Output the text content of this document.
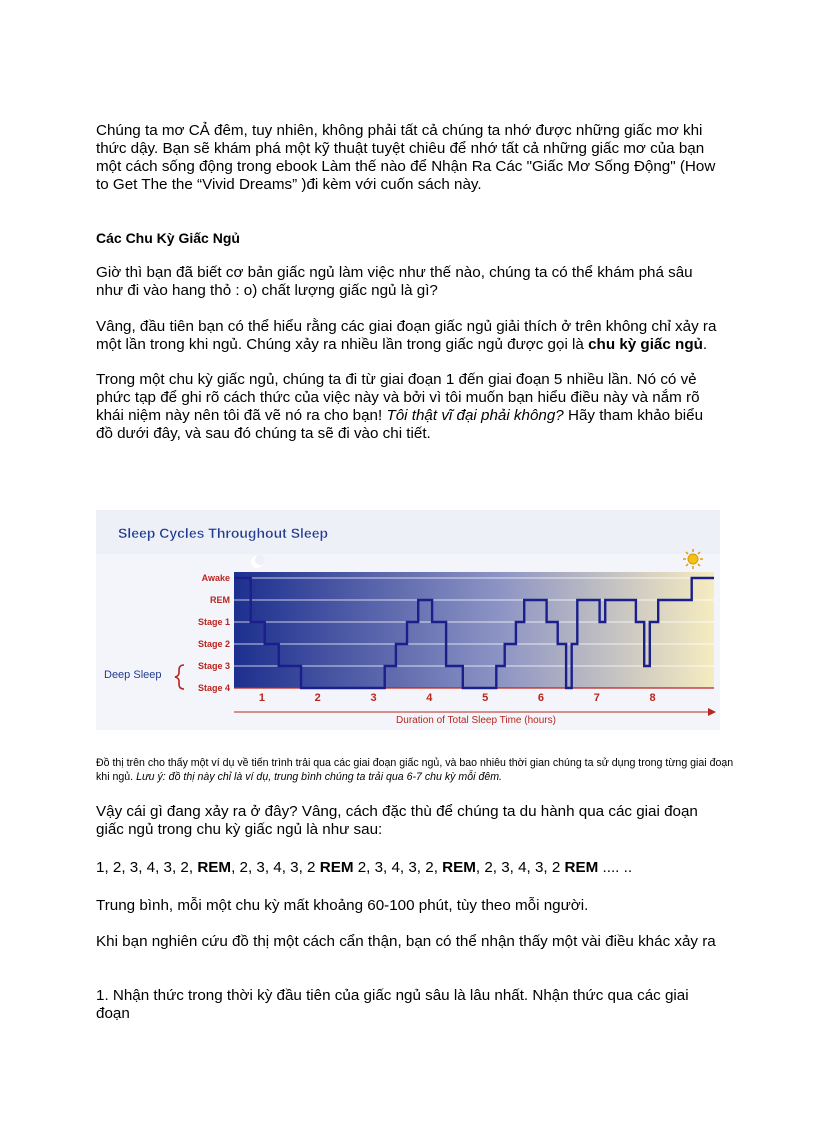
Chúng ta mơ CẢ đêm, tuy nhiên, không phải tất cả chúng ta nhớ được những giấc mơ khi thức dậy. Bạn sẽ khám phá một kỹ thuật tuyệt chiêu để nhớ tất cả những giấc mơ của bạn một cách sống động trong ebook Làm thế nào để Nhận Ra Các "Giấc Mơ Sống Động" (How to Get The the “Vivid Dreams” )đi kèm với cuốn sách này.

Các Chu Kỳ Giấc Ngủ

Giờ thì bạn đã biết cơ bản giấc ngủ làm việc như thế nào, chúng ta có thể khám phá sâu như đi vào hang thỏ : o) chất lượng giấc ngủ là gì?

Vâng, đầu tiên bạn có thể hiểu rằng các giai đoạn giấc ngủ giải thích ở trên không chỉ xảy ra một lần trong khi ngủ. Chúng xảy ra nhiều lần trong giấc ngủ được gọi là chu kỳ giấc ngủ.

Trong một chu kỳ giấc ngủ, chúng ta đi từ giai đoạn 1 đến giai đoạn 5 nhiều lần. Nó có vẻ phức tạp để ghi rõ cách thức của việc này và bởi vì tôi muốn bạn hiểu điều này và nắm rõ khái niệm này nên tôi đã vẽ nó ra cho bạn! Tôi thật vĩ đại phải không? Hãy tham khảo biểu đồ dưới đây, và sau đó chúng ta sẽ đi vào chi tiết.

Sleep Cycles Throughout Sleep
Awake
REM
Stage 1
Stage 2
Stage 3
Stage 4
Deep Sleep
1	2	3	4	5	6	7	8
Duration of Total Sleep Time (hours)

Đồ thị trên cho thấy một ví dụ về tiến trình trải qua các giai đoạn giấc ngủ, và bao nhiêu thời gian chúng ta sử dụng trong từng giai đoạn khi ngủ. Lưu ý: đồ thị này chỉ là ví dụ, trung bình chúng ta trải qua 6-7 chu kỳ mỗi đêm.

Vậy cái gì đang xảy ra ở đây? Vâng, cách đặc thù để chúng ta du hành qua các giai đoạn giấc ngủ trong chu kỳ giấc ngủ là như sau:

1, 2, 3, 4, 3, 2, REM, 2, 3, 4, 3, 2 REM 2, 3, 4, 3, 2, REM, 2, 3, 4, 3, 2 REM .... ..

Trung bình, mỗi một chu kỳ mất khoảng 60-100 phút, tùy theo mỗi người.

Khi bạn nghiên cứu đồ thị một cách cẩn thận, bạn có thể nhận thấy một vài điều khác xảy ra

1. Nhận thức trong thời kỳ đầu tiên của giấc ngủ sâu là lâu nhất. Nhận thức qua các giai đoạn
